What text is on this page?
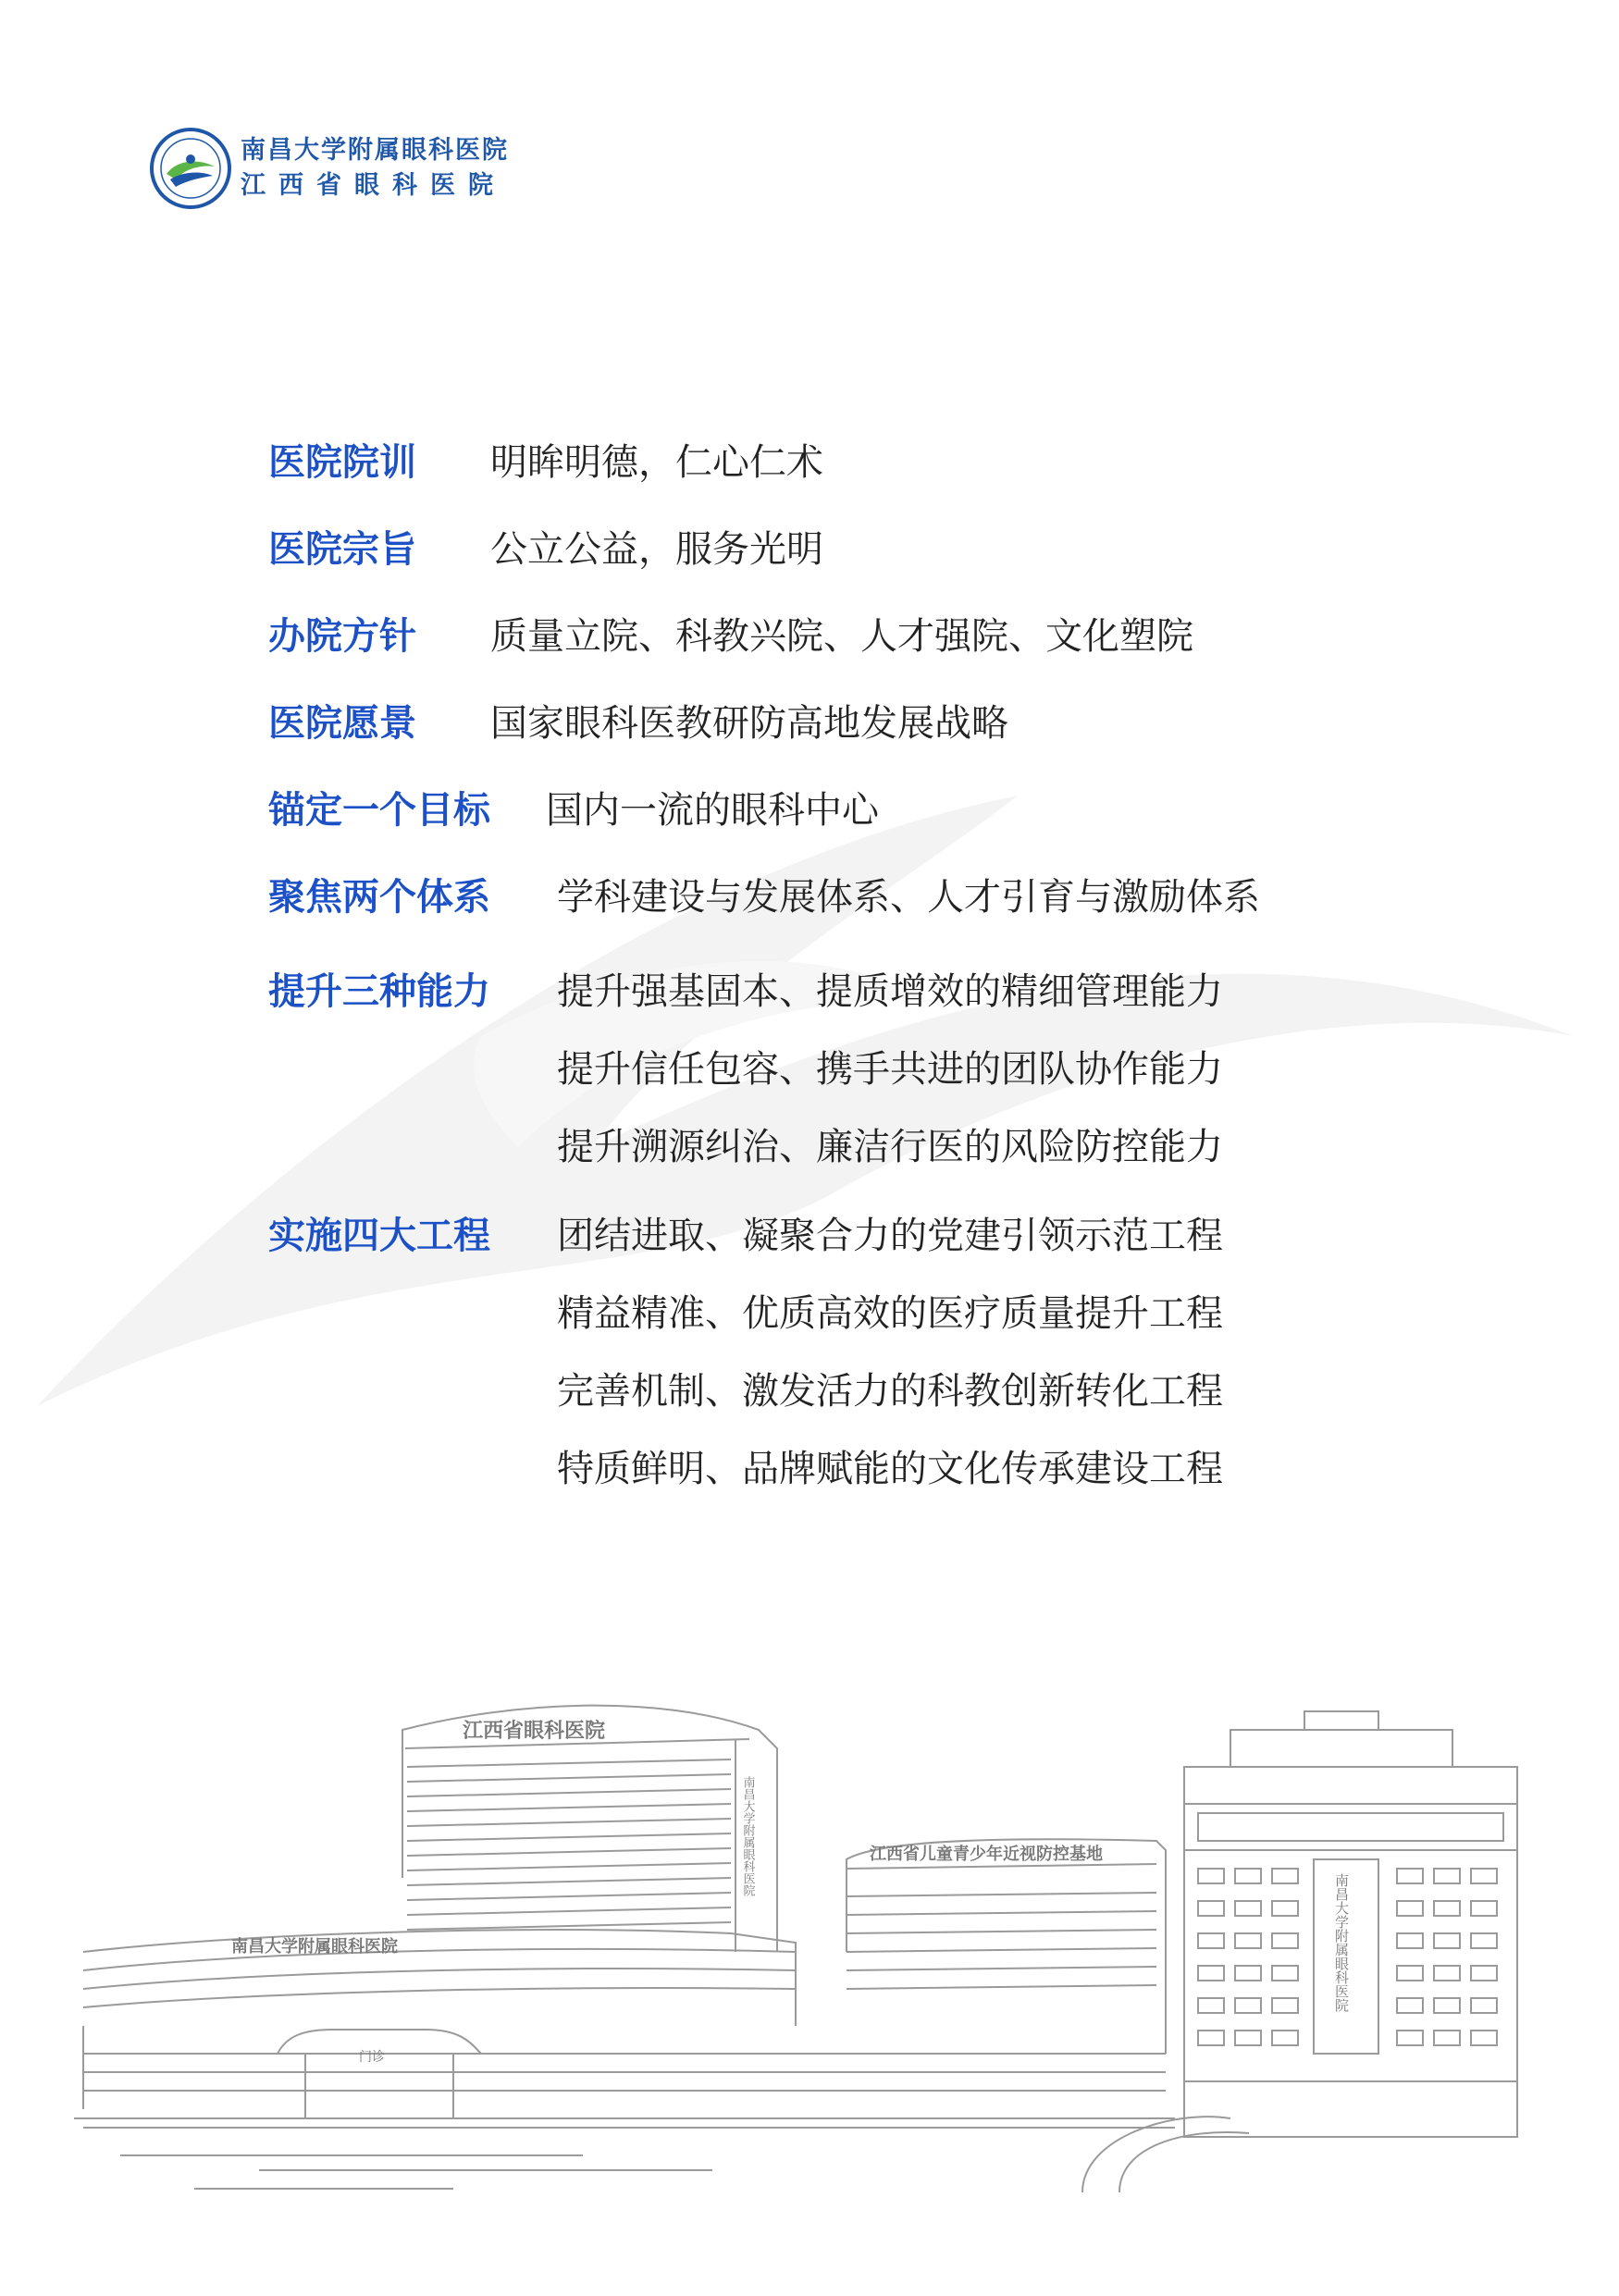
南昌大学附属眼科医院
江西省眼科医院
医院院训 明眸明德，仁心仁术
医院宗旨 公立公益，服务光明
办院方针 质量立院、科教兴院、人才强院、文化塑院
医院愿景 国家眼科医教研防高地发展战略
锚定一个目标 国内一流的眼科中心
聚焦两个体系 学科建设与发展体系、人才引育与激励体系
提升三种能力 提升强基固本、提质增效的精细管理能力
提升信任包容、携手共进的团队协作能力
提升溯源纠治、廉洁行医的风险防控能力
实施四大工程 团结进取、凝聚合力的党建引领示范工程
精益精准、优质高效的医疗质量提升工程
完善机制、激发活力的科教创新转化工程
特质鲜明、品牌赋能的文化传承建设工程
江西省眼科医院
南昌大学附属眼科医院
南昌大学附属眼科医院
门诊
江西省儿童青少年近视防控基地
南昌大学附属眼科医院
